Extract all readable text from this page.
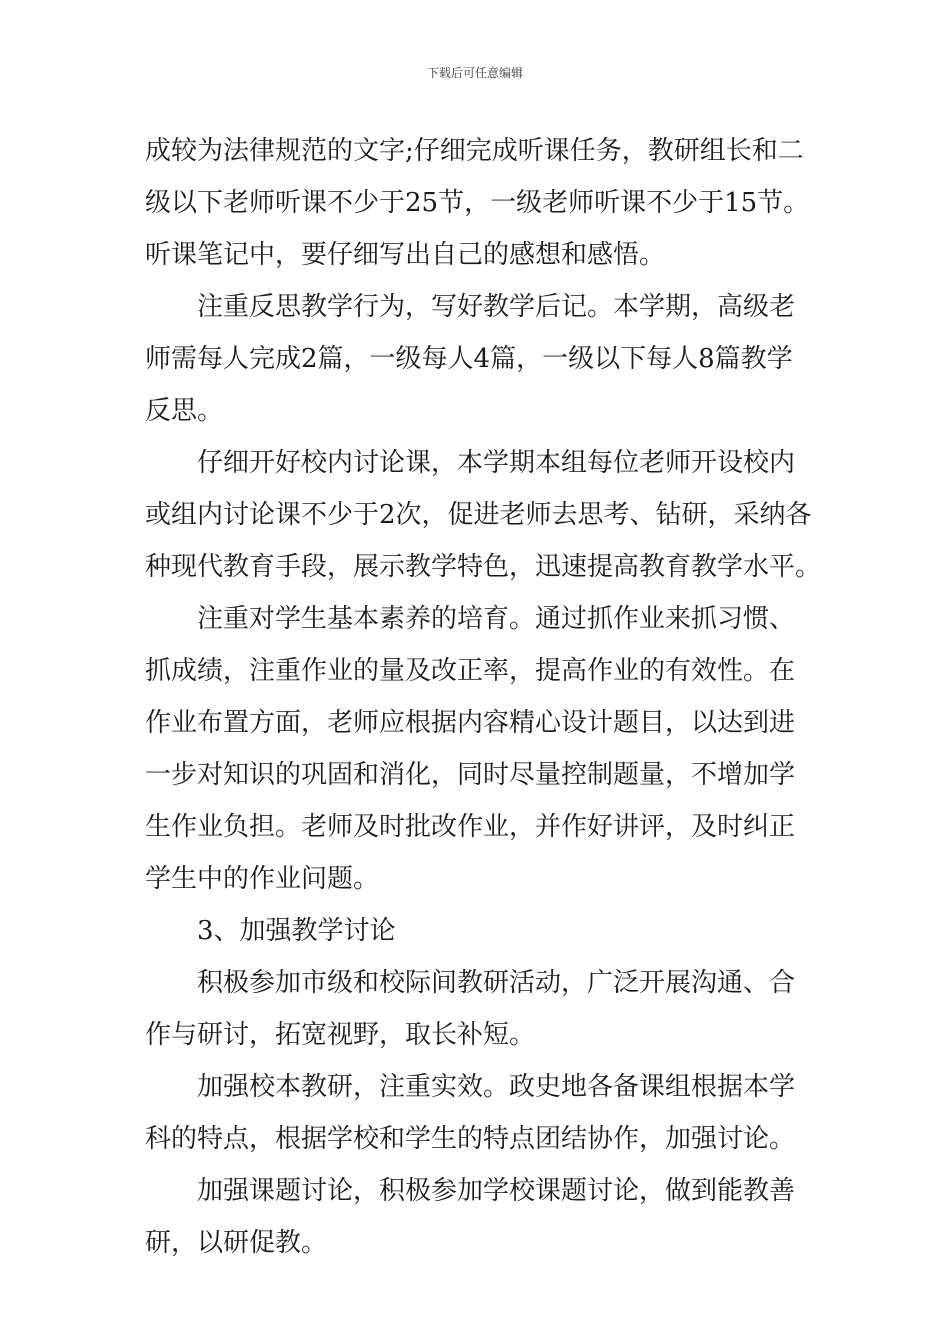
下载后可任意编辑
成较为法律规范的文字;仔细完成听课任务，教研组长和二
级以下老师听课不少于25节，一级老师听课不少于15节。
听课笔记中，要仔细写出自己的感想和感悟。
注重反思教学行为，写好教学后记。本学期，高级老
师需每人完成2篇，一级每人4篇，一级以下每人8篇教学
反思。
仔细开好校内讨论课，本学期本组每位老师开设校内
或组内讨论课不少于2次，促进老师去思考、钻研，采纳各
种现代教育手段，展示教学特色，迅速提高教育教学水平。
注重对学生基本素养的培育。通过抓作业来抓习惯、
抓成绩，注重作业的量及改正率，提高作业的有效性。在
作业布置方面，老师应根据内容精心设计题目，以达到进
一步对知识的巩固和消化，同时尽量控制题量，不增加学
生作业负担。老师及时批改作业，并作好讲评，及时纠正
学生中的作业问题。
3、加强教学讨论
积极参加市级和校际间教研活动，广泛开展沟通、合
作与研讨，拓宽视野，取长补短。
加强校本教研，注重实效。政史地各备课组根据本学
科的特点，根据学校和学生的特点团结协作，加强讨论。
加强课题讨论，积极参加学校课题讨论，做到能教善
研，以研促教。
